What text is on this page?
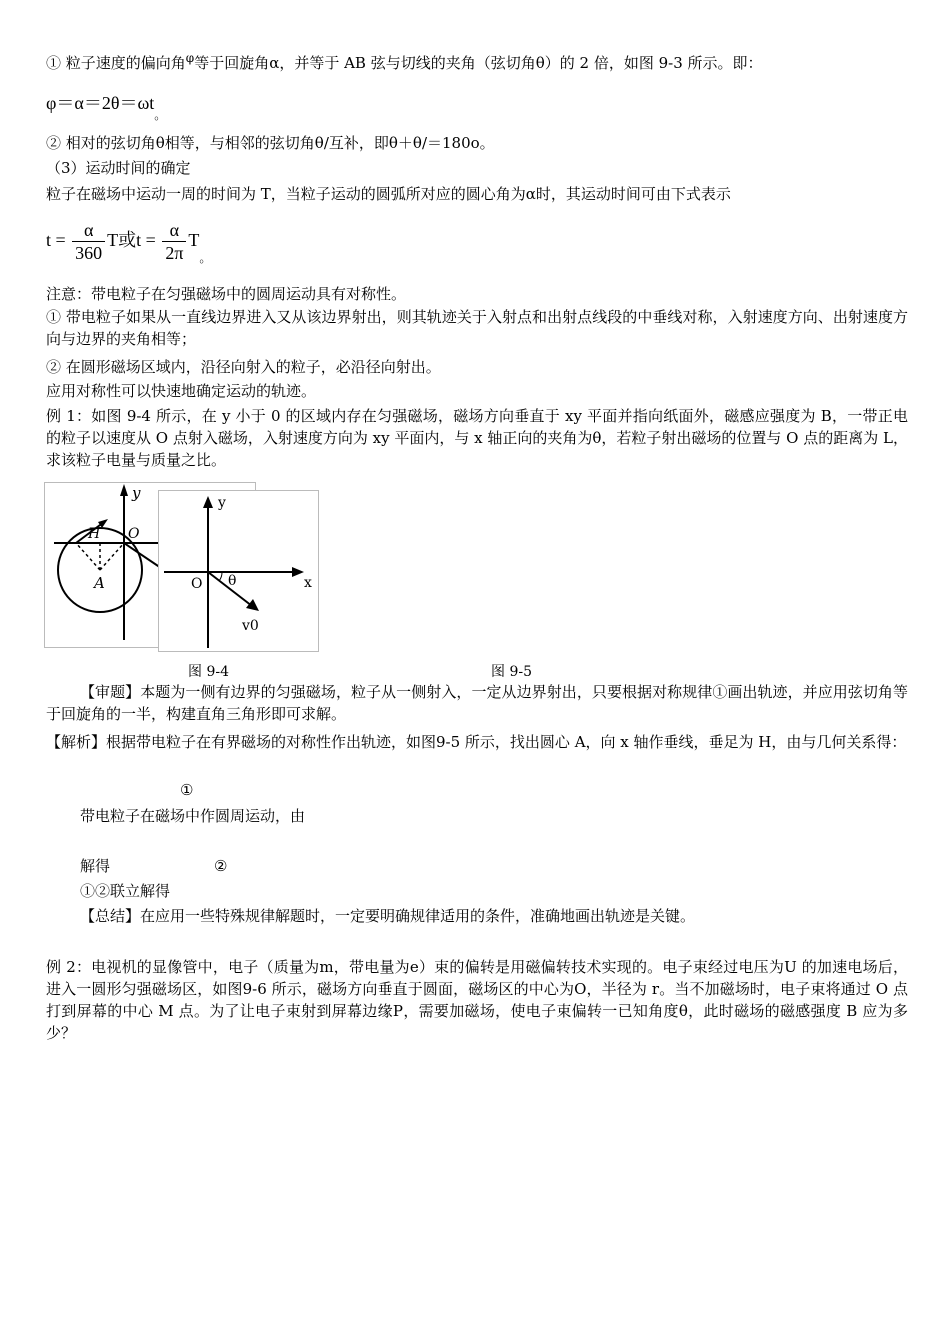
① 粒子速度的偏向角$^\varphi$等于回旋角α，并等于 AB 弦与切线的夹角（弦切角θ）的 2 倍，如图 9-3 所示。即：
$\varphi=\alpha=2\theta=\omega t_。$
② 相对的弦切角θ相等，与相邻的弦切角θ/互补，即θ＋θ/＝180o。
（3）运动时间的确定
粒子在磁场中运动一周的时间为 T，当粒子运动的圆弧所对应的圆心角为α时，其运动时间可由下式表示
$t = \frac{\alpha}{360}$ T或$t = \frac{\alpha}{2\pi} T_。$
注意：带电粒子在匀强磁场中的圆周运动具有对称性。
① 带电粒子如果从一直线边界进入又从该边界射出，则其轨迹关于入射点和出射点线段的中垂线对称，入射速度方向、出射速度方向与边界的夹角相等；
② 在圆形磁场区域内，沿径向射入的粒子，必沿径向射出。
应用对称性可以快速地确定运动的轨迹。
例 1：如图 9-4 所示，在 y 小于 0 的区域内存在匀强磁场，磁场方向垂直于 xy 平面并指向纸面外，磁感应强度为 B，一带正电的粒子以速度从 O 点射入磁场，入射速度方向为 xy 平面内，与 x 轴正向的夹角为θ，若粒子射出磁场的位置与 O 点的距离为 L，求该粒子电量与质量之比。
y
O
H
A
y
x
O θ
v0
图 9-4	图 9-5
【审题】本题为一侧有边界的匀强磁场，粒子从一侧射入，一定从边界射出，只要根据对称规律①画出轨迹，并应用弦切角等于回旋角的一半，构建直角三角形即可求解。
【解析】根据带电粒子在有界磁场的对称性作出轨迹，如图9-5 所示，找出圆心 A，向 x 轴作垂线，垂足为 H，由与几何关系得：
①
带电粒子在磁场中作圆周运动，由
解得	②
①②联立解得
【总结】在应用一些特殊规律解题时，一定要明确规律适用的条件，准确地画出轨迹是关键。
例 2：电视机的显像管中，电子（质量为m，带电量为e）束的偏转是用磁偏转技术实现的。电子束经过电压为U 的加速电场后，进入一圆形匀强磁场区，如图9-6 所示，磁场方向垂直于圆面，磁场区的中心为O，半径为 r。当不加磁场时，电子束将通过 O 点打到屏幕的中心 M 点。为了让电子束射到屏幕边缘P，需要加磁场，使电子束偏转一已知角度θ，此时磁场的磁感强度 B 应为多少？
